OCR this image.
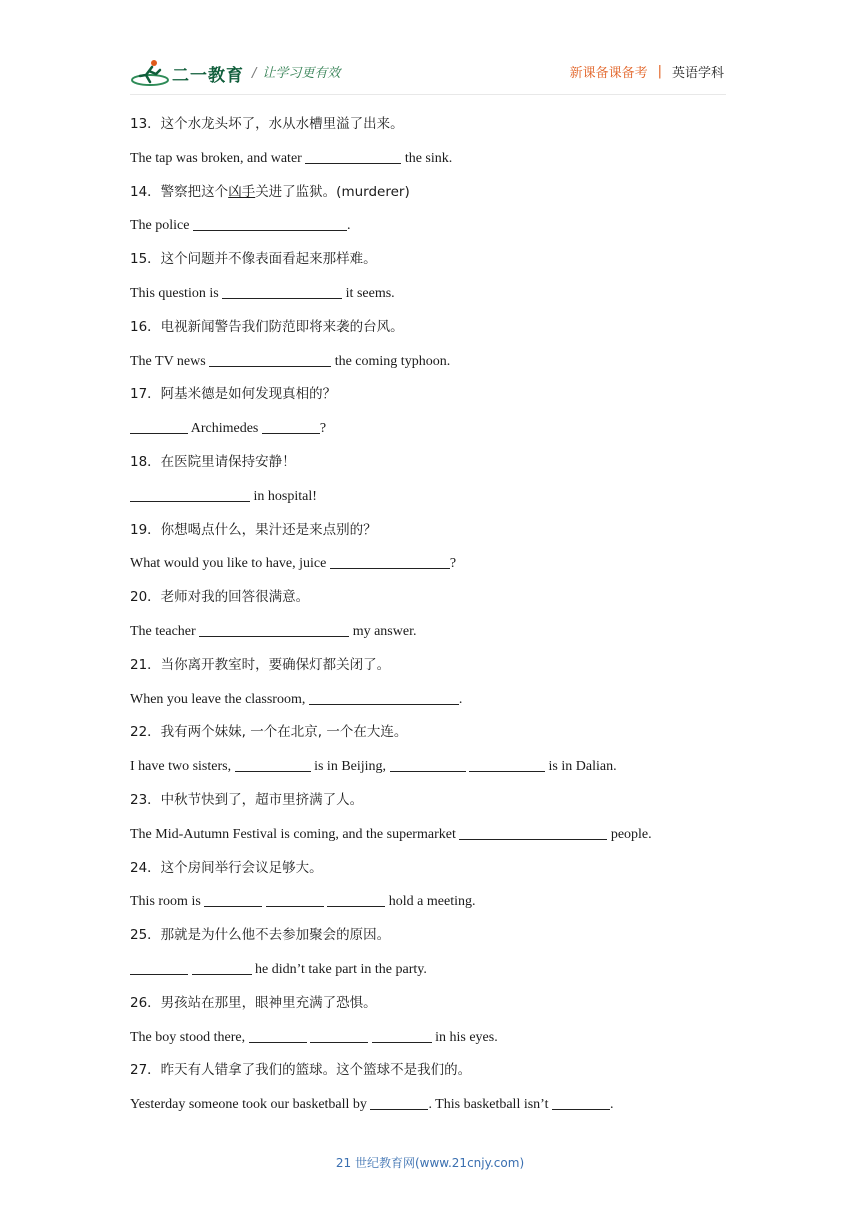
二一教育 / 让学习更有效	新课备课备考 | 英语学科
13．这个水龙头坏了，水从水槽里溢了出来。
The tap was broken, and water	the sink.
14．警察把这个凶手关进了监狱。(murderer)
The police	.
15．这个问题并不像表面看起来那样难。
This question is	it seems.
16．电视新闻警告我们防范即将来袭的台风。
The TV news	the coming typhoon.
17．阿基米德是如何发现真相的？
Archimedes	?
18．在医院里请保持安静！
in hospital!
19．你想喝点什么，果汁还是来点别的？
What would you like to have, juice	?
20．老师对我的回答很满意。
The teacher	my answer.
21．当你离开教室时，要确保灯都关闭了。
When you leave the classroom,	.
22．我有两个妹妹, 一个在北京, 一个在大连。
I have two sisters,	is in Beijing,	is in Dalian.
23．中秋节快到了，超市里挤满了人。
The Mid-Autumn Festival is coming, and the supermarket	people.
24．这个房间举行会议足够大。
This room is	hold a meeting.
25．那就是为什么他不去参加聚会的原因。
he didn’t take part in the party.
26．男孩站在那里，眼神里充满了恐惧。
The boy stood there,	in his eyes.
27．昨天有人错拿了我们的篮球。这个篮球不是我们的。
Yesterday someone took our basketball by	. This basketball isn’t	.
21 世纪教育网(www.21cnjy.com)
